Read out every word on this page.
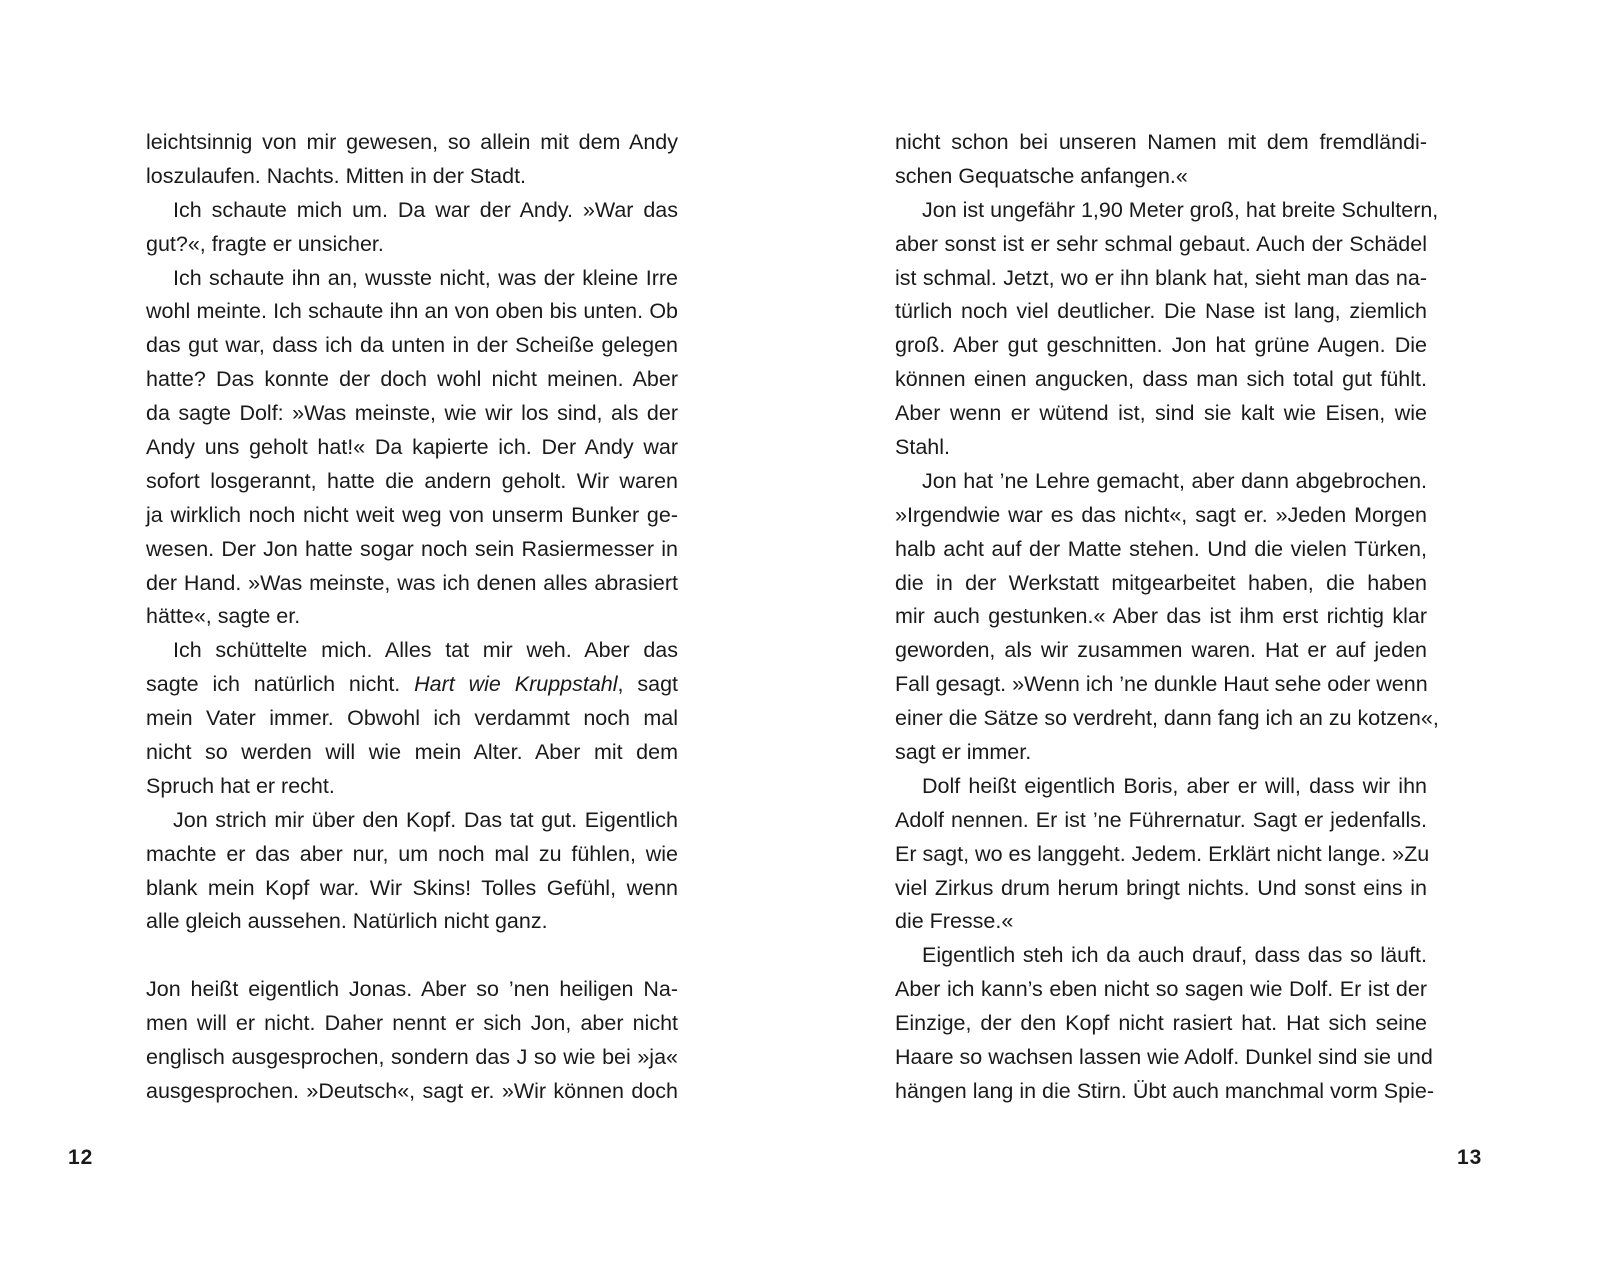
leichtsinnig von mir gewesen, so allein mit dem Andy
loszulaufen. Nachts. Mitten in der Stadt.
Ich schaute mich um. Da war der Andy. »War das
gut?«, fragte er unsicher.
Ich schaute ihn an, wusste nicht, was der kleine Irre
wohl meinte. Ich schaute ihn an von oben bis unten. Ob
das gut war, dass ich da unten in der Scheiße gelegen
hatte? Das konnte der doch wohl nicht meinen. Aber
da sagte Dolf: »Was meinste, wie wir los sind, als der
Andy uns geholt hat!« Da kapierte ich. Der Andy war
sofort losgerannt, hatte die andern geholt. Wir waren
ja wirklich noch nicht weit weg von unserm Bunker ge-
wesen. Der Jon hatte sogar noch sein Rasiermesser in
der Hand. »Was meinste, was ich denen alles abrasiert
hätte«, sagte er.
Ich schüttelte mich. Alles tat mir weh. Aber das
sagte ich natürlich nicht. Hart wie Kruppstahl, sagt
mein Vater immer. Obwohl ich verdammt noch mal
nicht so werden will wie mein Alter. Aber mit dem
Spruch hat er recht.
Jon strich mir über den Kopf. Das tat gut. Eigentlich
machte er das aber nur, um noch mal zu fühlen, wie
blank mein Kopf war. Wir Skins! Tolles Gefühl, wenn
alle gleich aussehen. Natürlich nicht ganz.
Jon heißt eigentlich Jonas. Aber so ’nen heiligen Na-
men will er nicht. Daher nennt er sich Jon, aber nicht
englisch ausgesprochen, sondern das J so wie bei »ja«
ausgesprochen. »Deutsch«, sagt er. »Wir können doch
12
nicht schon bei unseren Namen mit dem fremdländi-
schen Gequatsche anfangen.«
Jon ist ungefähr 1,90 Meter groß, hat breite Schultern,
aber sonst ist er sehr schmal gebaut. Auch der Schädel
ist schmal. Jetzt, wo er ihn blank hat, sieht man das na-
türlich noch viel deutlicher. Die Nase ist lang, ziemlich
groß. Aber gut geschnitten. Jon hat grüne Augen. Die
können einen angucken, dass man sich total gut fühlt.
Aber wenn er wütend ist, sind sie kalt wie Eisen, wie
Stahl.
Jon hat ’ne Lehre gemacht, aber dann abgebrochen.
»Irgendwie war es das nicht«, sagt er. »Jeden Morgen
halb acht auf der Matte stehen. Und die vielen Türken,
die in der Werkstatt mitgearbeitet haben, die haben
mir auch gestunken.« Aber das ist ihm erst richtig klar
geworden, als wir zusammen waren. Hat er auf jeden
Fall gesagt. »Wenn ich ’ne dunkle Haut sehe oder wenn
einer die Sätze so verdreht, dann fang ich an zu kotzen«,
sagt er immer.
Dolf heißt eigentlich Boris, aber er will, dass wir ihn
Adolf nennen. Er ist ’ne Führernatur. Sagt er jedenfalls.
Er sagt, wo es langgeht. Jedem. Erklärt nicht lange. »Zu
viel Zirkus drum herum bringt nichts. Und sonst eins in
die Fresse.«
Eigentlich steh ich da auch drauf, dass das so läuft.
Aber ich kann’s eben nicht so sagen wie Dolf. Er ist der
Einzige, der den Kopf nicht rasiert hat. Hat sich seine
Haare so wachsen lassen wie Adolf. Dunkel sind sie und
hängen lang in die Stirn. Übt auch manchmal vorm Spie-
13
